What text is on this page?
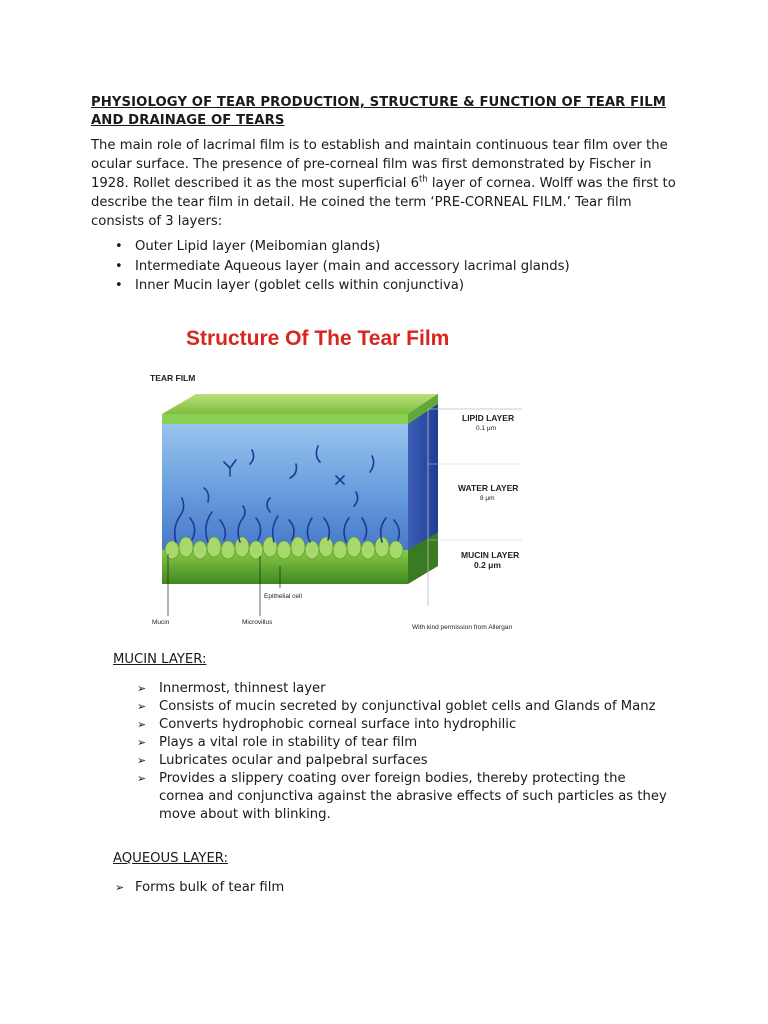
PHYSIOLOGY OF TEAR PRODUCTION, STRUCTURE & FUNCTION OF TEAR FILM AND DRAINAGE OF TEARS

The main role of lacrimal film is to establish and maintain continuous tear film over the ocular surface. The presence of pre-corneal film was first demonstrated by Fischer in 1928. Rollet described it as the most superficial 6th layer of cornea. Wolff was the first to describe the tear film in detail. He coined the term ‘PRE-CORNEAL FILM.’ Tear film consists of 3 layers:

• Outer Lipid layer (Meibomian glands)
• Intermediate Aqueous layer (main and accessory lacrimal glands)
• Inner Mucin layer (goblet cells within conjunctiva)
Structure Of The Tear Film
TEAR FILM
LIPID LAYER
0.1 μm
WATER LAYER
8 μm
MUCIN LAYER
0.2 μm
Mucin	Microvillus
Epithelial cell
With kind permission from Allergan
MUCIN LAYER:
➢ Innermost, thinnest layer
➢ Consists of mucin secreted by conjunctival goblet cells and Glands of Manz
➢ Converts hydrophobic corneal surface into hydrophilic
➢ Plays a vital role in stability of tear film
➢ Lubricates ocular and palpebral surfaces
➢ Provides a slippery coating over foreign bodies, thereby protecting the cornea and conjunctiva against the abrasive effects of such particles as they move about with blinking.
AQUEOUS LAYER:
➢ Forms bulk of tear film
